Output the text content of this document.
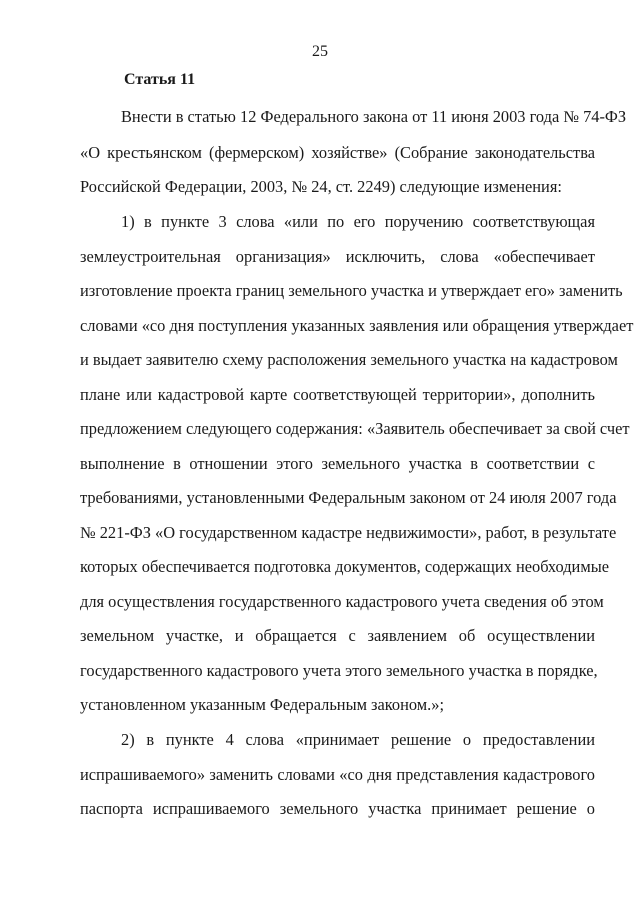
25
Статья 11
Внести в статью 12 Федерального закона от 11 июня 2003 года № 74-ФЗ
«О крестьянском (фермерском) хозяйстве» (Собрание законодательства
Российской Федерации, 2003, № 24, ст. 2249) следующие изменения:
1) в пункте 3 слова «или по его поручению соответствующая
землеустроительная организация» исключить, слова «обеспечивает
изготовление проекта границ земельного участка и утверждает его» заменить
словами «со дня поступления указанных заявления или обращения утверждает
и выдает заявителю схему расположения земельного участка на кадастровом
плане или кадастровой карте соответствующей территории», дополнить
предложением следующего содержания: «Заявитель обеспечивает за свой счет
выполнение в отношении этого земельного участка в соответствии с
требованиями, установленными Федеральным законом от 24 июля 2007 года
№ 221-ФЗ «О государственном кадастре недвижимости», работ, в результате
которых обеспечивается подготовка документов, содержащих необходимые
для осуществления государственного кадастрового учета сведения об этом
земельном участке, и обращается с заявлением об осуществлении
государственного кадастрового учета этого земельного участка в порядке,
установленном указанным Федеральным законом.»;
2) в пункте 4 слова «принимает решение о предоставлении
испрашиваемого» заменить словами «со дня представления кадастрового
паспорта испрашиваемого земельного участка принимает решение о
